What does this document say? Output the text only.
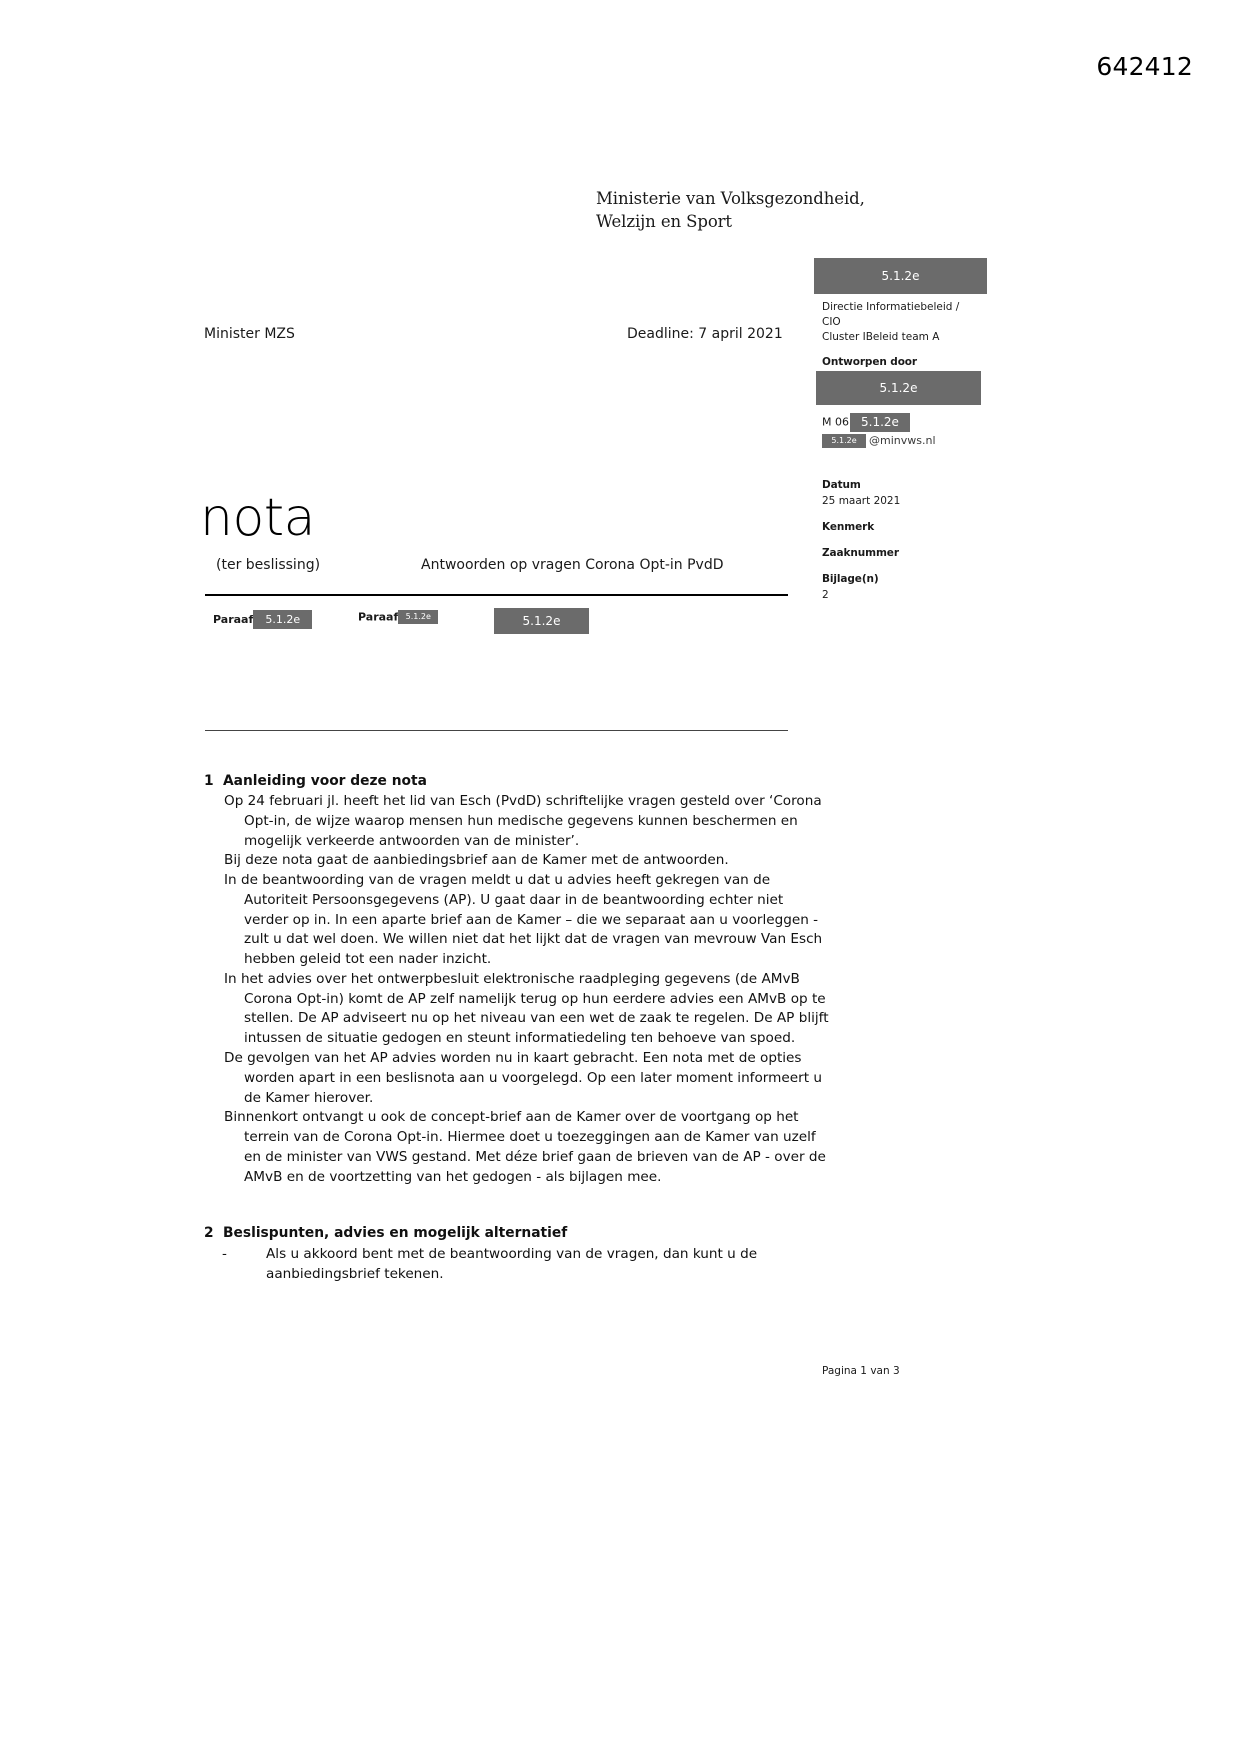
642412
Ministerie van Volksgezondheid,
Welzijn en Sport
Minister MZS	Deadline: 7 april 2021
5.1.2e
Directie Informatiebeleid /
CIO
Cluster IBeleid team A
Ontworpen door
5.1.2e
M 06 5.1.2e
5.1.2e @minvws.nl
Datum
25 maart 2021
Kenmerk
Zaaknummer
Bijlage(n)
2
nota
(ter beslissing)	Antwoorden op vragen Corona Opt-in PvdD
Paraaf 5.1.2e	Paraaf 5.1.2e	5.1.2e
1 Aanleiding voor deze nota

Op 24 februari jl. heeft het lid van Esch (PvdD) schriftelijke vragen gesteld over ‘Corona Opt-in, de wijze waarop mensen hun medische gegevens kunnen beschermen en mogelijk verkeerde antwoorden van de minister’.

Bij deze nota gaat de aanbiedingsbrief aan de Kamer met de antwoorden.

In de beantwoording van de vragen meldt u dat u advies heeft gekregen van de Autoriteit Persoonsgegevens (AP). U gaat daar in de beantwoording echter niet verder op in. In een aparte brief aan de Kamer – die we separaat aan u voorleggen - zult u dat wel doen. We willen niet dat het lijkt dat de vragen van mevrouw Van Esch hebben geleid tot een nader inzicht.

In het advies over het ontwerpbesluit elektronische raadpleging gegevens (de AMvB Corona Opt-in) komt de AP zelf namelijk terug op hun eerdere advies een AMvB op te stellen. De AP adviseert nu op het niveau van een wet de zaak te regelen. De AP blijft intussen de situatie gedogen en steunt informatiedeling ten behoeve van spoed.

De gevolgen van het AP advies worden nu in kaart gebracht. Een nota met de opties worden apart in een beslisnota aan u voorgelegd. Op een later moment informeert u de Kamer hierover.

Binnenkort ontvangt u ook de concept-brief aan de Kamer over de voortgang op het terrein van de Corona Opt-in. Hiermee doet u toezeggingen aan de Kamer van uzelf en de minister van VWS gestand. Met déze brief gaan de brieven van de AP - over de AMvB en de voortzetting van het gedogen - als bijlagen mee.

2 Beslispunten, advies en mogelijk alternatief
-	Als u akkoord bent met de beantwoording van de vragen, dan kunt u de aanbiedingsbrief tekenen.
Pagina 1 van 3
